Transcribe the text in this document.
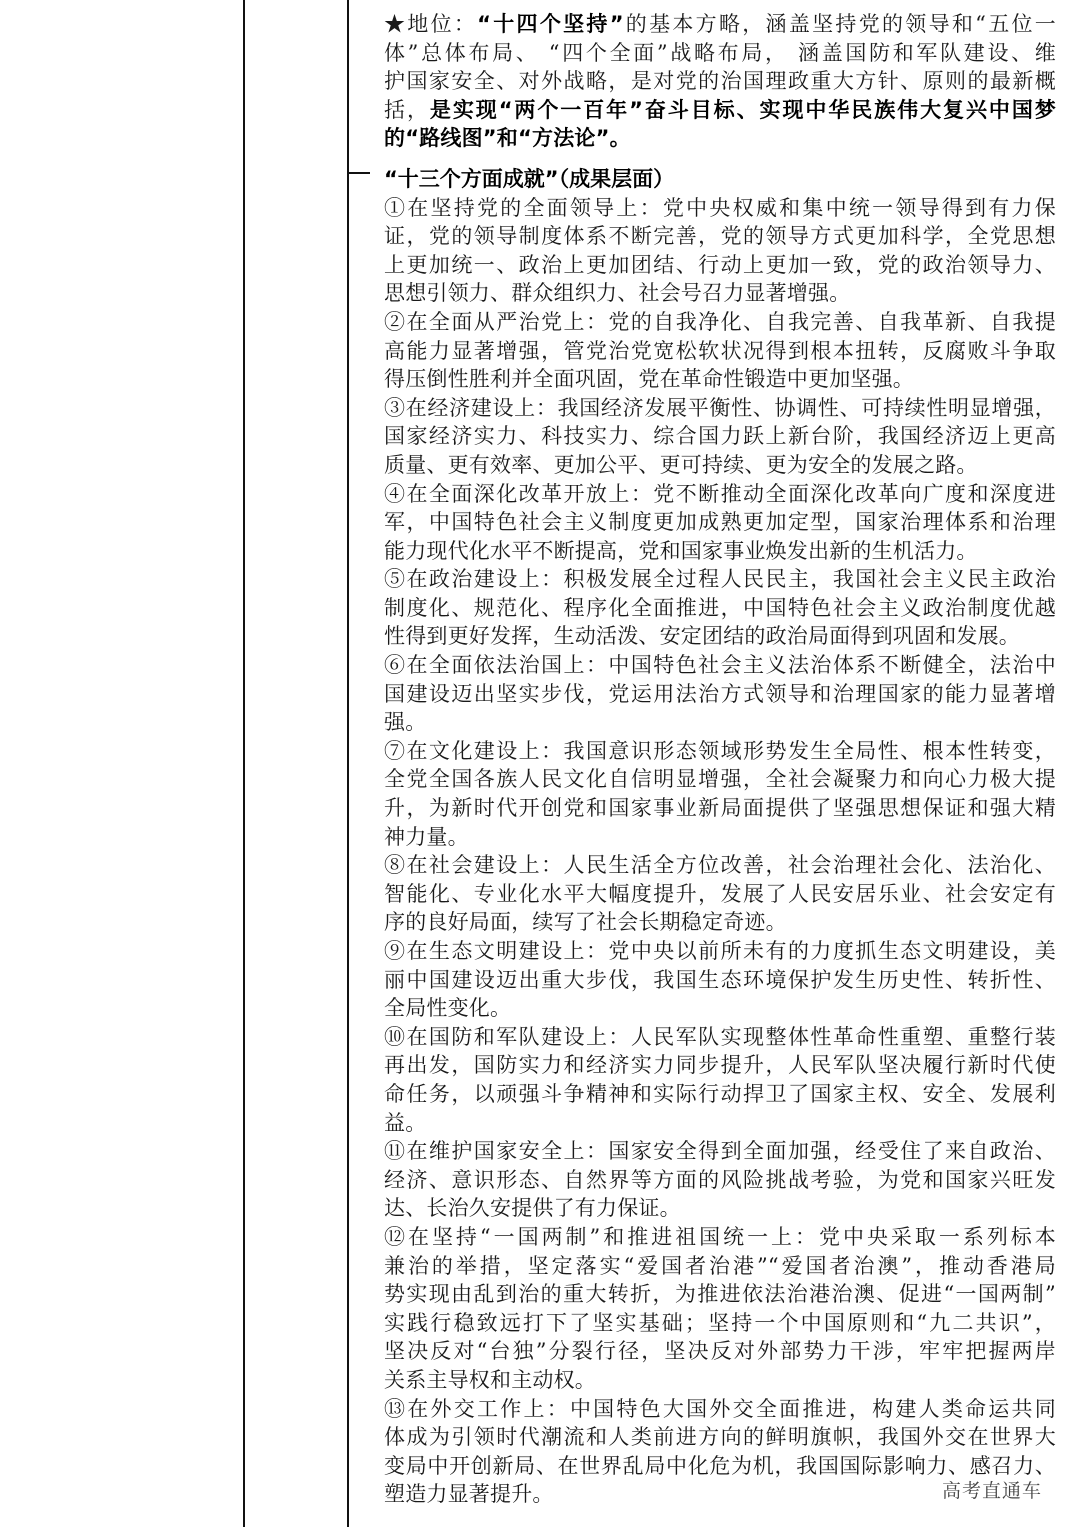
★地位：“十四个坚持”的基本方略，涵盖坚持党的领导和“五位一
体”总体布局、 “四个全面”战略布局， 涵盖国防和军队建设、维
护国家安全、对外战略，是对党的治国理政重大方针、原则的最新概
括，是实现“两个一百年”奋斗目标、实现中华民族伟大复兴中国梦
的“路线图”和“方法论”。
“十三个方面成就”（成果层面）
①在坚持党的全面领导上：党中央权威和集中统一领导得到有力保
证，党的领导制度体系不断完善，党的领导方式更加科学，全党思想
上更加统一、政治上更加团结、行动上更加一致，党的政治领导力、
思想引领力、群众组织力、社会号召力显著增强。
②在全面从严治党上：党的自我净化、自我完善、自我革新、自我提
高能力显著增强，管党治党宽松软状况得到根本扭转，反腐败斗争取
得压倒性胜利并全面巩固，党在革命性锻造中更加坚强。
③在经济建设上：我国经济发展平衡性、协调性、可持续性明显增强，
国家经济实力、科技实力、综合国力跃上新台阶，我国经济迈上更高
质量、更有效率、更加公平、更可持续、更为安全的发展之路。
④在全面深化改革开放上：党不断推动全面深化改革向广度和深度进
军，中国特色社会主义制度更加成熟更加定型，国家治理体系和治理
能力现代化水平不断提高，党和国家事业焕发出新的生机活力。
⑤在政治建设上：积极发展全过程人民民主，我国社会主义民主政治
制度化、规范化、程序化全面推进，中国特色社会主义政治制度优越
性得到更好发挥，生动活泼、安定团结的政治局面得到巩固和发展。
⑥在全面依法治国上：中国特色社会主义法治体系不断健全，法治中
国建设迈出坚实步伐，党运用法治方式领导和治理国家的能力显著增
强。
⑦在文化建设上：我国意识形态领域形势发生全局性、根本性转变，
全党全国各族人民文化自信明显增强，全社会凝聚力和向心力极大提
升，为新时代开创党和国家事业新局面提供了坚强思想保证和强大精
神力量。
⑧在社会建设上：人民生活全方位改善，社会治理社会化、法治化、
智能化、专业化水平大幅度提升，发展了人民安居乐业、社会安定有
序的良好局面，续写了社会长期稳定奇迹。
⑨在生态文明建设上：党中央以前所未有的力度抓生态文明建设，美
丽中国建设迈出重大步伐，我国生态环境保护发生历史性、转折性、
全局性变化。
⑩在国防和军队建设上：人民军队实现整体性革命性重塑、重整行装
再出发，国防实力和经济实力同步提升，人民军队坚决履行新时代使
命任务，以顽强斗争精神和实际行动捍卫了国家主权、安全、发展利
益。
⑪在维护国家安全上：国家安全得到全面加强，经受住了来自政治、
经济、意识形态、自然界等方面的风险挑战考验，为党和国家兴旺发
达、长治久安提供了有力保证。
⑫在坚持“一国两制”和推进祖国统一上：党中央采取一系列标本
兼治的举措，坚定落实“爱国者治港”“爱国者治澳”，推动香港局
势实现由乱到治的重大转折，为推进依法治港治澳、促进“一国两制”
实践行稳致远打下了坚实基础；坚持一个中国原则和“九二共识”，
坚决反对“台独”分裂行径，坚决反对外部势力干涉，牢牢把握两岸
关系主导权和主动权。
⑬在外交工作上：中国特色大国外交全面推进，构建人类命运共同
体成为引领时代潮流和人类前进方向的鲜明旗帜，我国外交在世界大
变局中开创新局、在世界乱局中化危为机，我国国际影响力、感召力、
塑造力显著提升。	高考直通车
